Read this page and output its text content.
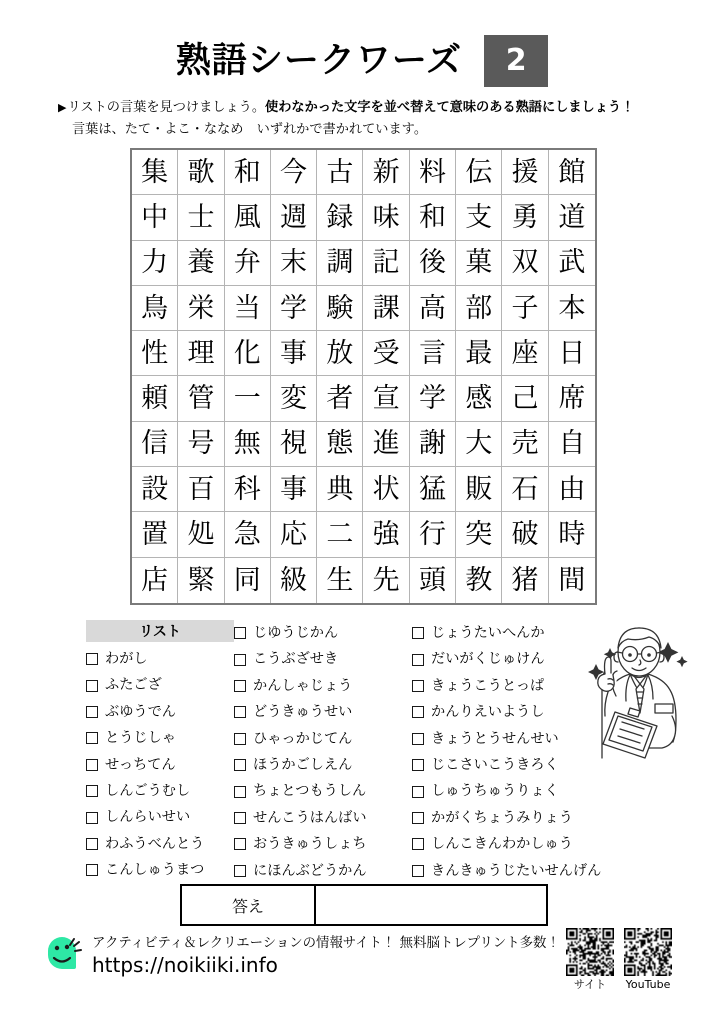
熟語シークワーズ	2
▶ リストの言葉を見つけましょう。 使わなかった文字を並べ替えて意味のある熟語にしましょう！
言葉は、たて・よこ・ななめ　いずれかで書かれています。
集 歌 和 今 古 新 料 伝 援 館
中 士 風 週 録 味 和 支 勇 道
力 養 弁 末 調 記 後 菓 双 武
鳥 栄 当 学 験 課 高 部 子 本
性 理 化 事 放 受 言 最 座 日
頼 管 一 変 者 宣 学 感 己 席
信 号 無 視 態 進 謝 大 売 自
設 百 科 事 典 状 猛 販 石 由
置 処 急 応 二 強 行 突 破 時
店 緊 同 級 生 先 頭 教 猪 間
リスト
わがし
ふたござ
ぶゆうでん
とうじしゃ
せっちてん
しんごうむし
しんらいせい
わふうべんとう
こんしゅうまつ
じゆうじかん
こうぶざせき
かんしゃじょう
どうきゅうせい
ひゃっかじてん
ほうかごしえん
ちょとつもうしん
せんこうはんばい
おうきゅうしょち
にほんぶどうかん
じょうたいへんか
だいがくじゅけん
きょうこうとっぱ
かんりえいようし
きょうとうせんせい
じこさいこうきろく
しゅうちゅうりょく
かがくちょうみりょう
しんこきんわかしゅう
きんきゅうじたいせんげん
答え
アクティビティ＆レクリエーションの情報サイト！ 無料脳トレプリント多数！
https://noikiiki.info
サイト YouTube
